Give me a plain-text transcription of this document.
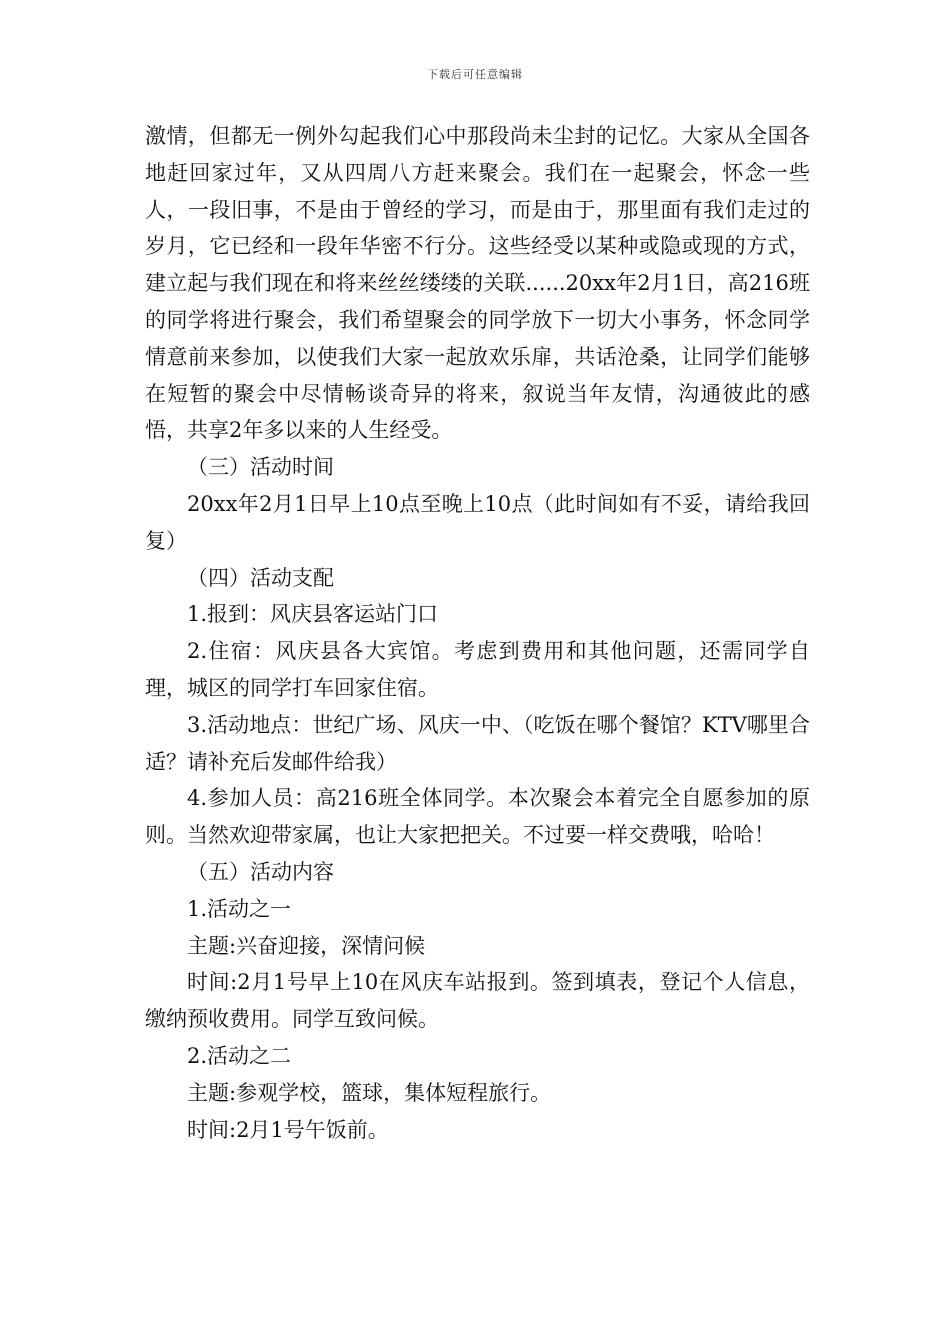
下载后可任意编辑

激情，但都无一例外勾起我们心中那段尚未尘封的记忆。大家从全国各地赶回家过年，又从四周八方赶来聚会。我们在一起聚会，怀念一些人，一段旧事，不是由于曾经的学习，而是由于，那里面有我们走过的岁月，它已经和一段年华密不行分。这些经受以某种或隐或现的方式，建立起与我们现在和将来丝丝缕缕的关联......20xx年2月1日，高216班的同学将进行聚会，我们希望聚会的同学放下一切大小事务，怀念同学情意前来参加，以使我们大家一起放欢乐扉，共话沧桑，让同学们能够在短暂的聚会中尽情畅谈奇异的将来，叙说当年友情，沟通彼此的感悟，共享2年多以来的人生经受。

（三）活动时间

20xx年2月1日早上10点至晚上10点（此时间如有不妥，请给我回复）

（四）活动支配

1.报到：风庆县客运站门口

2.住宿：风庆县各大宾馆。考虑到费用和其他问题，还需同学自理，城区的同学打车回家住宿。

3.活动地点：世纪广场、风庆一中、（吃饭在哪个餐馆？KTV哪里合适？请补充后发邮件给我）

4.参加人员：高216班全体同学。本次聚会本着完全自愿参加的原则。当然欢迎带家属，也让大家把把关。不过要一样交费哦，哈哈！

（五）活动内容

1.活动之一

主题:兴奋迎接，深情问候

时间:2月1号早上10在风庆车站报到。签到填表，登记个人信息，缴纳预收费用。同学互致问候。

2.活动之二

主题:参观学校，篮球，集体短程旅行。

时间:2月1号午饭前。
